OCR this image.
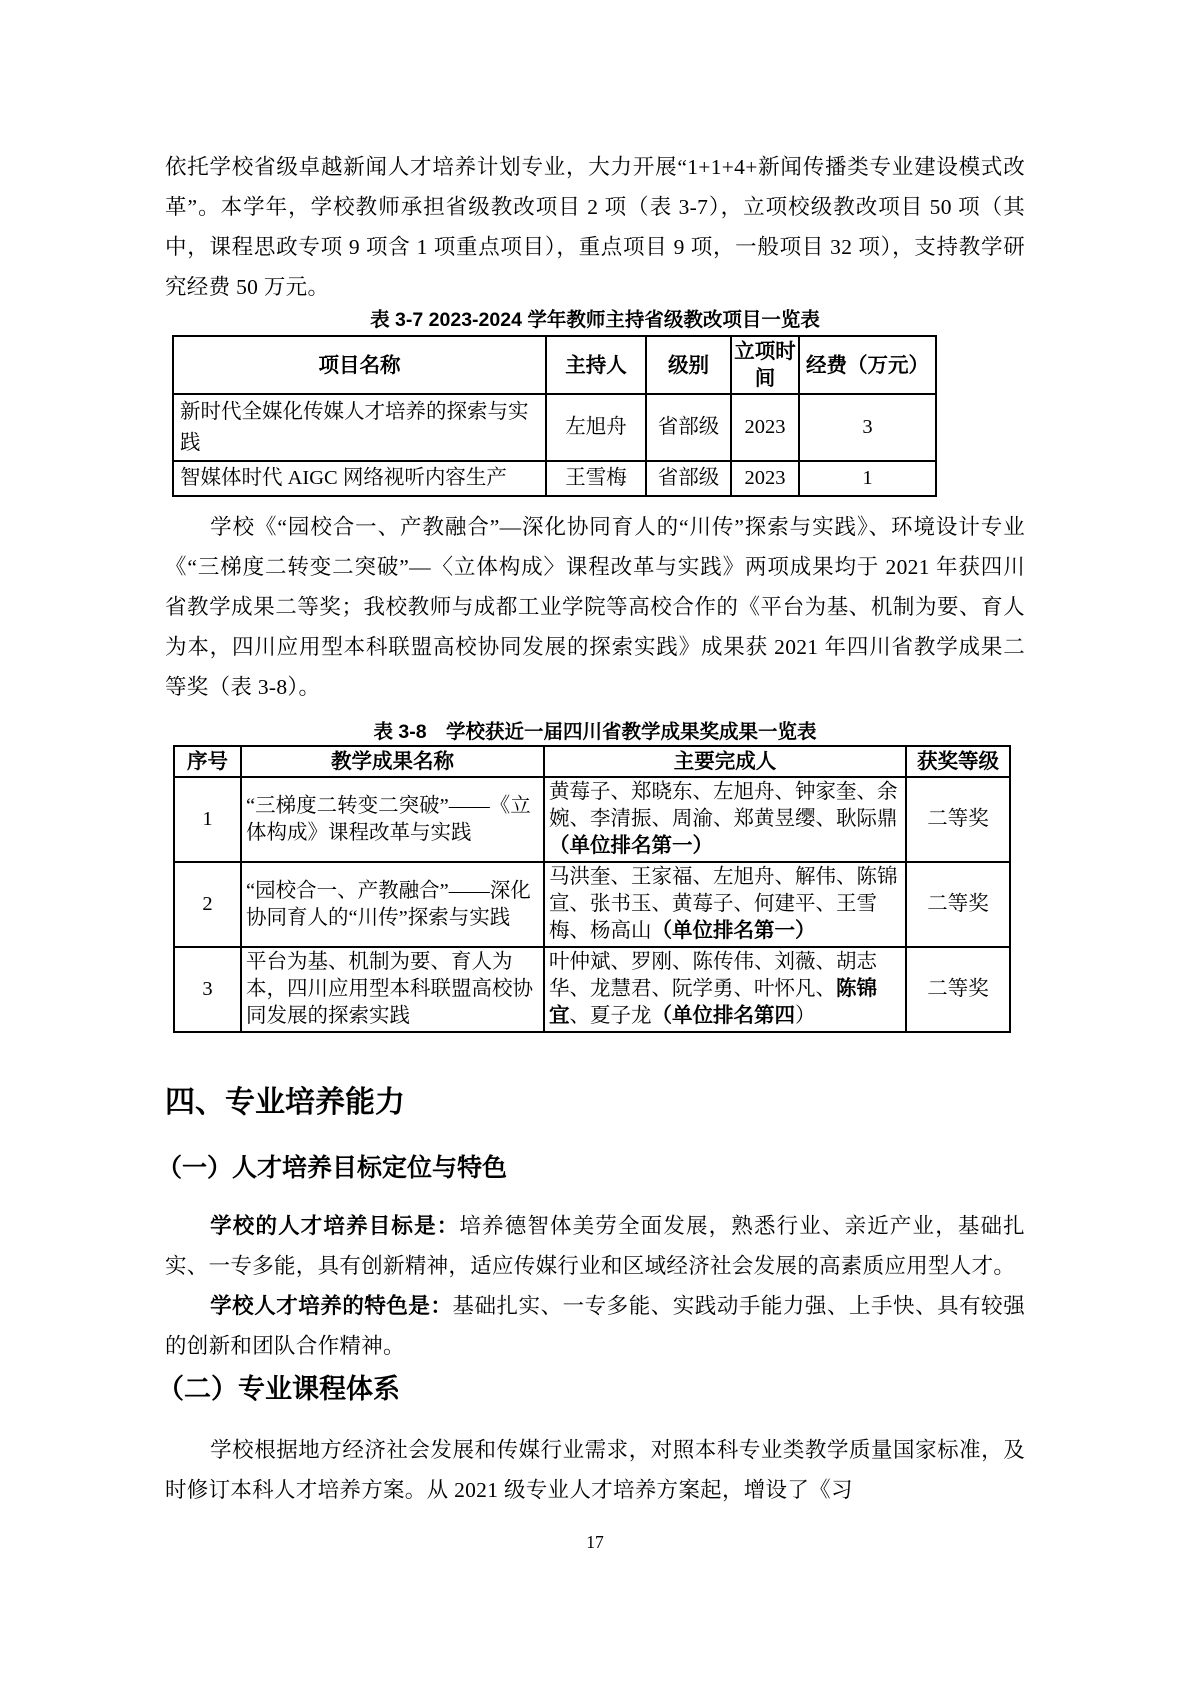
依托学校省级卓越新闻人才培养计划专业，大力开展“1+1+4+新闻传播类专业建设模式改革”。本学年，学校教师承担省级教改项目 2 项（表 3-7），立项校级教改项目 50 项（其中，课程思政专项 9 项含 1 项重点项目），重点项目 9 项，一般项目 32 项），支持教学研究经费 50 万元。

表 3-7 2023-2024 学年教师主持省级教改项目一览表
项目名称	主持人	级别	立项时间	经费（万元）
新时代全媒化传媒人才培养的探索与实践	左旭舟	省部级	2023	3
智媒体时代 AIGC 网络视听内容生产	王雪梅	省部级	2023	1

学校《“园校合一、产教融合”—深化协同育人的“川传”探索与实践》、环境设计专业《“三梯度二转变二突破”—〈立体构成〉课程改革与实践》两项成果均于 2021 年获四川省教学成果二等奖；我校教师与成都工业学院等高校合作的《平台为基、机制为要、育人为本，四川应用型本科联盟高校协同发展的探索实践》成果获 2021 年四川省教学成果二等奖（表 3-8）。

表 3-8　学校获近一届四川省教学成果奖成果一览表
序号	教学成果名称	主要完成人	获奖等级
1	“三梯度二转变二突破”——《立体构成》课程改革与实践	黄莓子、郑晓东、左旭舟、钟家奎、余婉、李清振、周渝、郑黄昱缨、耿际鼎（单位排名第一）	二等奖
2	“园校合一、产教融合”——深化协同育人的“川传”探索与实践	马洪奎、王家福、左旭舟、解伟、陈锦宣、张书玉、黄莓子、何建平、王雪梅、杨高山（单位排名第一）	二等奖
3	平台为基、机制为要、育人为本，四川应用型本科联盟高校协同发展的探索实践	叶仲斌、罗刚、陈传伟、刘薇、胡志华、龙慧君、阮学勇、叶怀凡、陈锦宜、夏子龙（单位排名第四）	二等奖
四、专业培养能力
（一）人才培养目标定位与特色

学校的人才培养目标是：培养德智体美劳全面发展，熟悉行业、亲近产业，基础扎实、一专多能，具有创新精神，适应传媒行业和区域经济社会发展的高素质应用型人才。

学校人才培养的特色是：基础扎实、一专多能、实践动手能力强、上手快、具有较强的创新和团队合作精神。

（二）专业课程体系

学校根据地方经济社会发展和传媒行业需求，对照本科专业类教学质量国家标准，及时修订本科人才培养方案。从 2021 级专业人才培养方案起，增设了《习

17
